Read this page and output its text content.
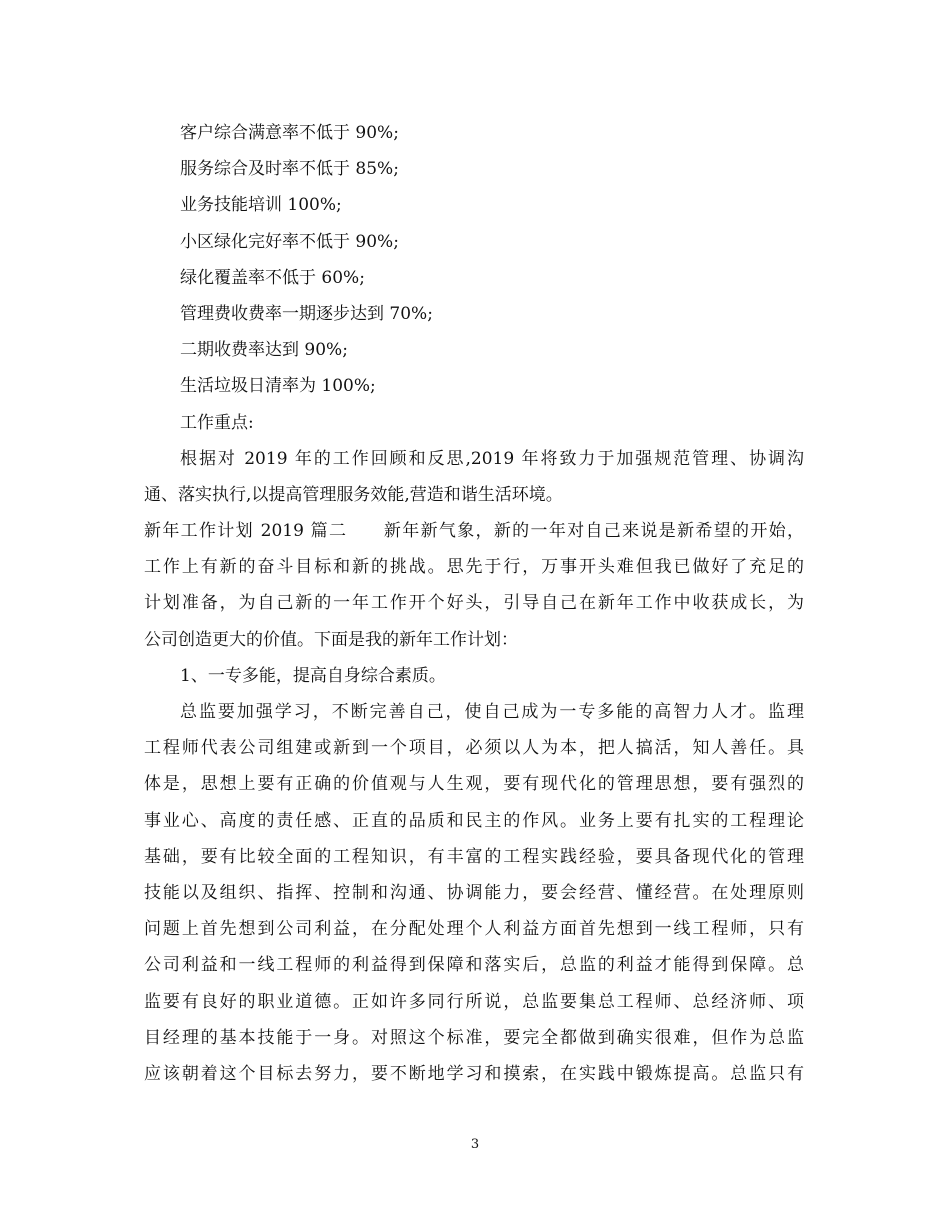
客户综合满意率不低于 90%;
服务综合及时率不低于 85%;
业务技能培训 100%;
小区绿化完好率不低于 90%;
绿化覆盖率不低于 60%;
管理费收费率一期逐步达到 70%;
二期收费率达到 90%;
生活垃圾日清率为 100%;
工作重点:
根据对 2019 年的工作回顾和反思,2019 年将致力于加强规范管理、协调沟
通、落实执行,以提高管理服务效能,营造和谐生活环境。
新年工作计划 2019 篇二　　新年新气象，新的一年对自己来说是新希望的开始，
工作上有新的奋斗目标和新的挑战。思先于行，万事开头难但我已做好了充足的
计划准备，为自己新的一年工作开个好头，引导自己在新年工作中收获成长，为
公司创造更大的价值。下面是我的新年工作计划：
1、一专多能，提高自身综合素质。
总监要加强学习，不断完善自己，使自己成为一专多能的高智力人才。监理
工程师代表公司组建或新到一个项目，必须以人为本，把人搞活，知人善任。具
体是，思想上要有正确的价值观与人生观，要有现代化的管理思想，要有强烈的
事业心、高度的责任感、正直的品质和民主的作风。业务上要有扎实的工程理论
基础，要有比较全面的工程知识，有丰富的工程实践经验，要具备现代化的管理
技能以及组织、指挥、控制和沟通、协调能力，要会经营、懂经营。在处理原则
问题上首先想到公司利益，在分配处理个人利益方面首先想到一线工程师，只有
公司利益和一线工程师的利益得到保障和落实后，总监的利益才能得到保障。总
监要有良好的职业道德。正如许多同行所说，总监要集总工程师、总经济师、项
目经理的基本技能于一身。对照这个标准，要完全都做到确实很难，但作为总监
应该朝着这个目标去努力，要不断地学习和摸索，在实践中锻炼提高。总监只有
3
